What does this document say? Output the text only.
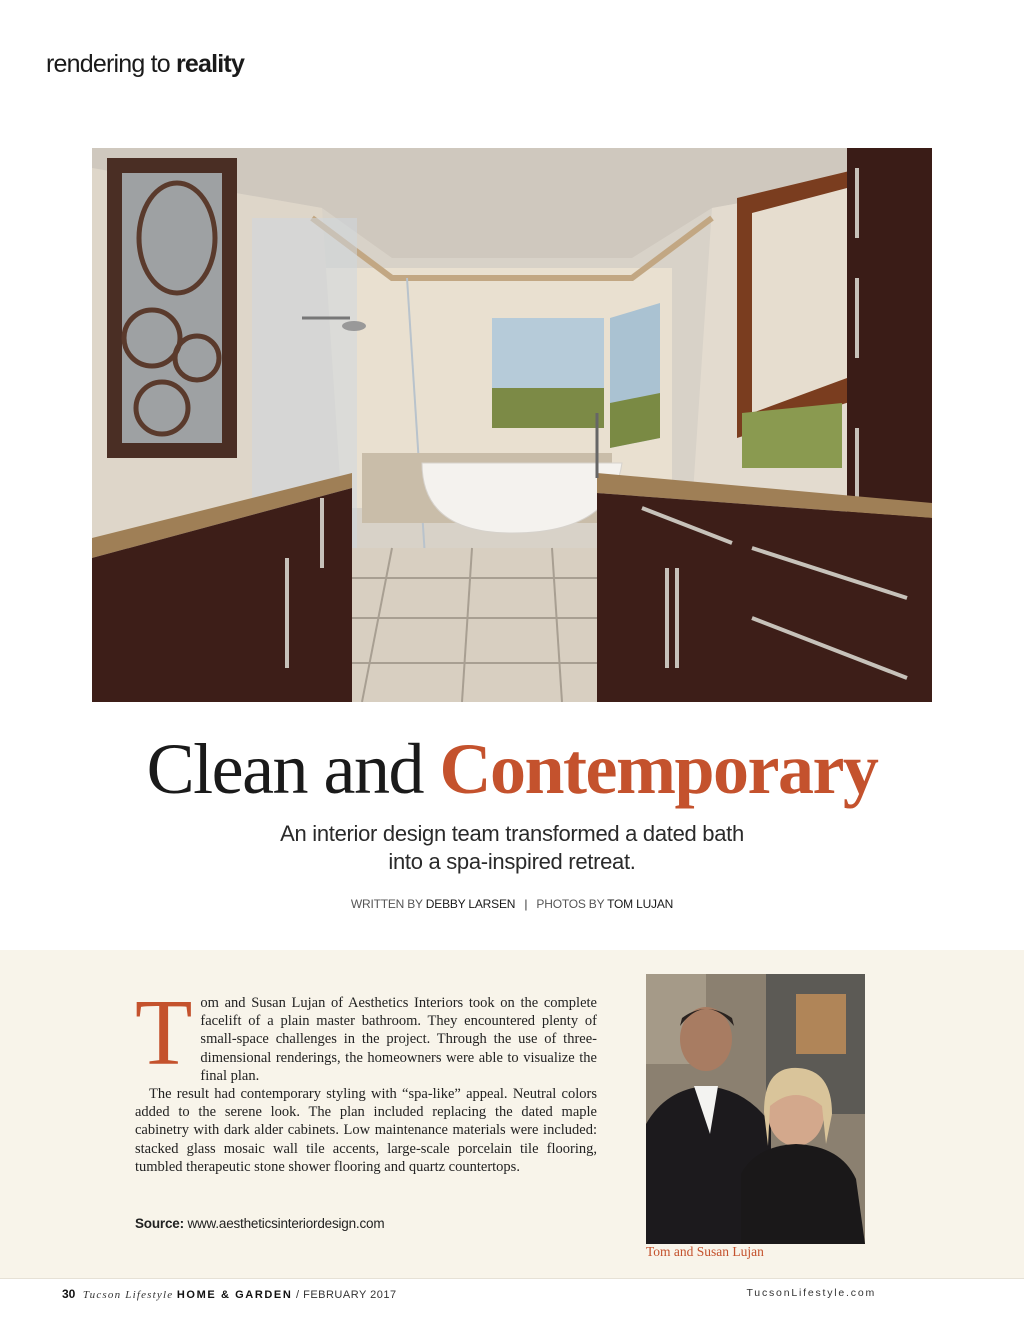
rendering to reality
Clean and Contemporary
An interior design team transformed a dated bath
into a spa-inspired retreat.
WRITTEN BY DEBBY LARSEN | PHOTOS BY TOM LUJAN
T om and Susan Lujan of Aesthetics Interiors took on the complete facelift of a plain master bathroom. They encountered plenty of small-space challenges in the project. Through the use of three-dimensional renderings, the homeowners were able to visualize the final plan.

The result had contemporary styling with “spa-like” appeal. Neutral colors added to the serene look. The plan included replacing the dated maple cabinetry with dark alder cabinets. Low maintenance materials were included: stacked glass mosaic wall tile accents, large-scale porcelain tile flooring, tumbled therapeutic stone shower flooring and quartz countertops.

Source: www.aestheticsinteriordesign.com
Tom and Susan Lujan
30 Tucson Lifestyle HOME & GARDEN / FEBRUARY 2017	TucsonLifestyle.com
